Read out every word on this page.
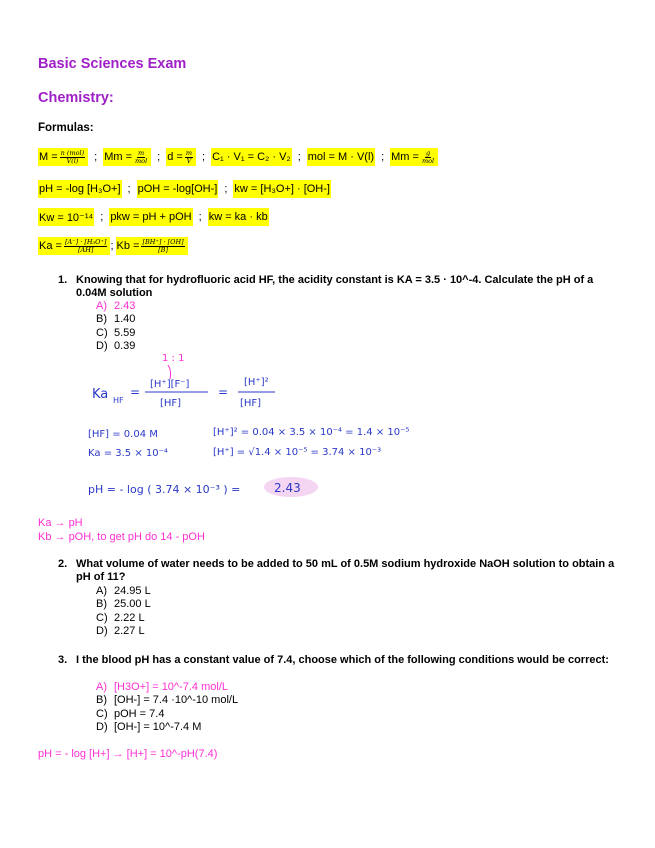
Basic Sciences Exam
Chemistry:
Formulas:
$M = \frac{\text{n (mol)}}{V(l)}$ ; $Mm = \frac{m}{\text{mol}}$ ; $d = \frac{m}{V}$ ; C₁ · V₁ = C₂ · V₂ ; mol = M · V(l) ; $Mm = \frac{g}{\text{mol}}$
pH = -log [H₃O+] ; pOH = -log[OH-] ; kw = [H₃O+] · [OH-]
Kw = 10⁻¹⁴ ; pkw = pH + pOH ; kw = ka · kb
$Ka = \frac{\text{[A⁻] · [H₃O⁺]}}{[AH]}$ ; $Kb = \frac{[BH^+] \cdot [OH]}{[B]}$
1. Knowing that for hydrofluoric acid HF, the acidity constant is KA = 3.5 · 10^-4. Calculate the pH of a 0.04M solution
A) 2.43
B) 1.40
C) 5.59
D) 0.39
1 : 1
Ka HF
=
[H⁺][F⁻]
[HF]
=
[H⁺]²
[HF]
[HF] = 0.04 M
Ka = 3.5 × 10⁻⁴
[H⁺]² = 0.04 × 3.5 × 10⁻⁴ = 1.4 × 10⁻⁵
[H⁺] = √1.4 × 10⁻⁵ = 3.74 × 10⁻³
pH = - log ( 3.74 × 10⁻³ ) =	2.43
Ka → pH
Kb → pOH, to get pH do 14 - pOH
2. What volume of water needs to be added to 50 mL of 0.5M sodium hydroxide NaOH solution to obtain a pH of 11?
A) 24.95 L
B) 25.00 L
C) 2.22 L
D) 2.27 L
3. I the blood pH has a constant value of 7.4, choose which of the following conditions would be correct:
A) [H3O+] = 10^-7.4 mol/L
B) [OH-] = 7.4 ·10^-10 mol/L
C) pOH = 7.4
D) [OH-] = 10^-7.4 M
pH = - log [H+] → [H+] = 10^-pH(7.4)
